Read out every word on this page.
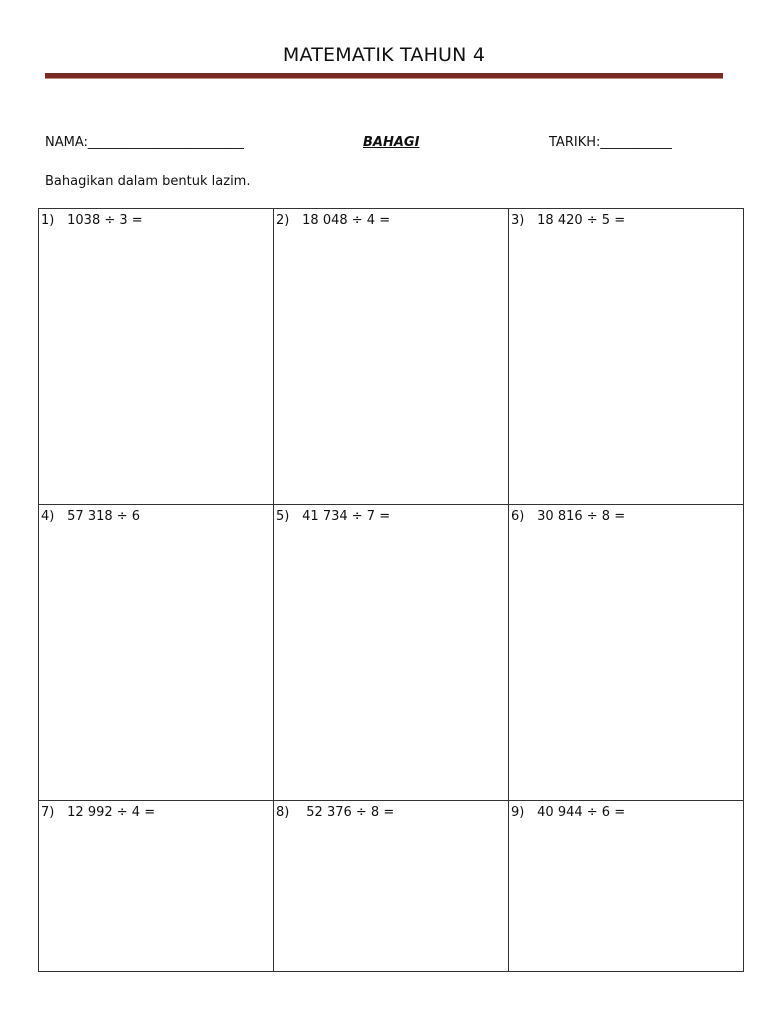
MATEMATIK TAHUN 4
NAMA:________________________	BAHAGI	TARIKH:___________
Bahagikan dalam bentuk lazim.
1) 1038 ÷ 3 =	2) 18 048 ÷ 4 =	3) 18 420 ÷ 5 =
4) 57 318 ÷ 6	5) 41 734 ÷ 7 =	6) 30 816 ÷ 8 =
7) 12 992 ÷ 4 =	8)  52 376 ÷ 8 =	9) 40 944 ÷ 6 =
